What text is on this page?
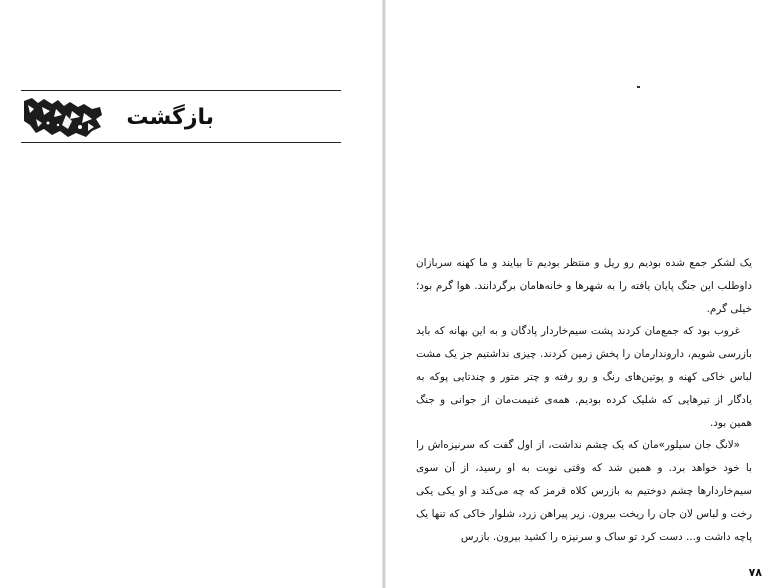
بازگشت

یک لشکر جمع شده بودیم رو ریل و منتظر بودیم تا بیایند و ما کهنه سربازان داوطلب این جنگ پایان یافته را به شهرها و خانه‌هامان برگردانند. هوا گرم بود؛ خیلی گرم.

غروب بود که جمع‌مان کردند پشت سیم‌خاردار پادگان و به این بهانه که باید بازرسی شویم، داروندارمان را پخش زمین کردند. چیزی نداشتیم جز یک مشت لباس خاکی کهنه و پوتین‌های رنگ و رو رفته و چتر متور و چندتایی پوکه به یادگار از تیرهایی که شلیک کرده بودیم. همه‌ی غنیمت‌مان از جوانی و جنگ همین بود.

«لانگ جان سیلور»مان که یک چشم نداشت، از اول گفت که سرنیزه‌اش را با خود خواهد برد. و همین شد که وقتی نوبت به او رسید، از آن سوی سیم‌خاردارها چشم دوختیم به بازرس کلاه قرمز که چه می‌کند و او یکی یکی رخت و لباس لان جان را ریخت بیرون. زیر پیراهن زرد، شلوار خاکی که تنها یک پاچه داشت و... دست کرد تو ساک و سرنیزه را کشید بیرون. بازرس

۷۸
